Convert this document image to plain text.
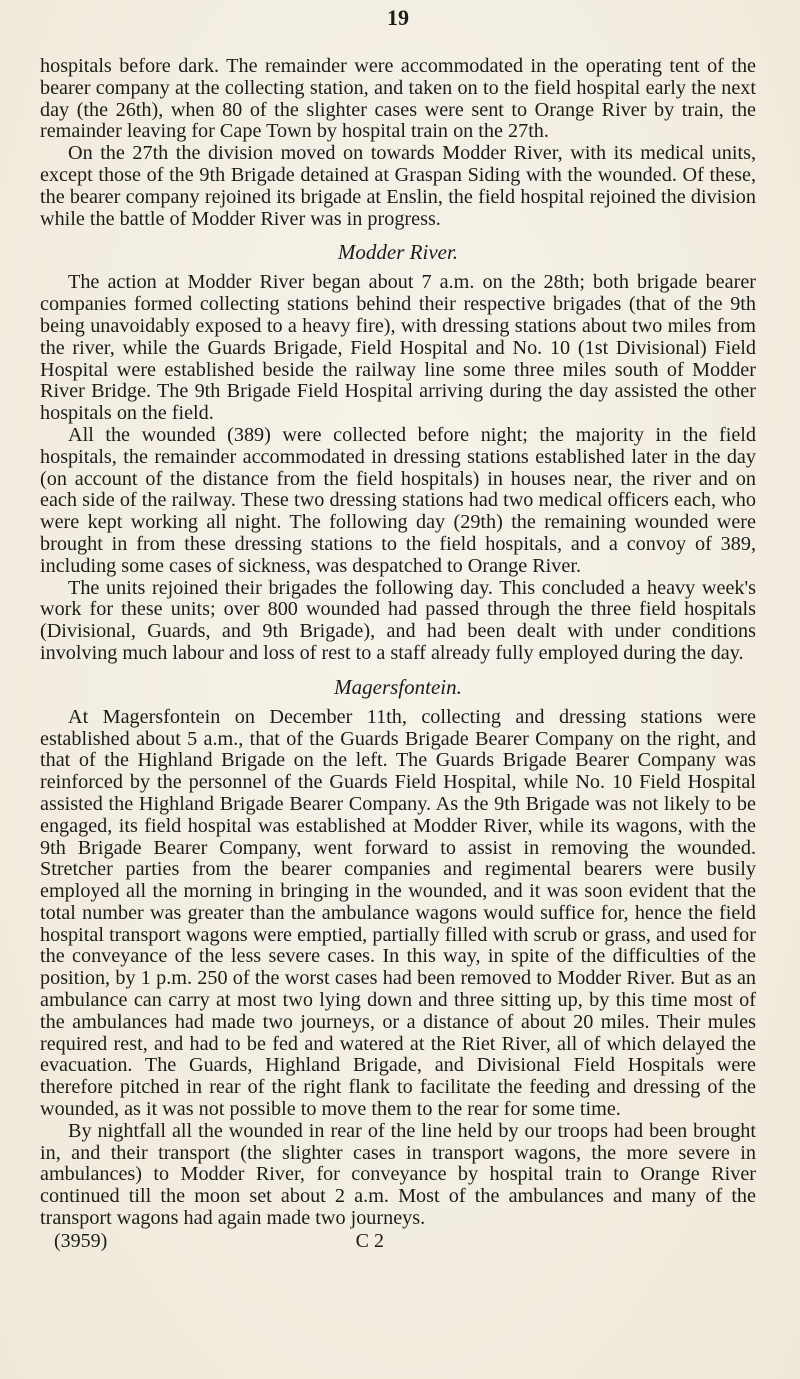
19

hospitals before dark. The remainder were accommodated in the operating tent of the bearer company at the collecting station, and taken on to the field hospital early the next day (the 26th), when 80 of the slighter cases were sent to Orange River by train, the remainder leaving for Cape Town by hospital train on the 27th.

On the 27th the division moved on towards Modder River, with its medical units, except those of the 9th Brigade detained at Graspan Siding with the wounded. Of these, the bearer company rejoined its brigade at Enslin, the field hospital rejoined the division while the battle of Modder River was in progress.

Modder River.

The action at Modder River began about 7 a.m. on the 28th; both brigade bearer companies formed collecting stations behind their respective brigades (that of the 9th being unavoidably exposed to a heavy fire), with dressing stations about two miles from the river, while the Guards Brigade, Field Hospital and No. 10 (1st Divisional) Field Hospital were established beside the railway line some three miles south of Modder River Bridge. The 9th Brigade Field Hospital arriving during the day assisted the other hospitals on the field.

All the wounded (389) were collected before night; the majority in the field hospitals, the remainder accommodated in dressing stations established later in the day (on account of the distance from the field hospitals) in houses near, the river and on each side of the railway. These two dressing stations had two medical officers each, who were kept working all night. The following day (29th) the remaining wounded were brought in from these dressing stations to the field hospitals, and a convoy of 389, including some cases of sickness, was despatched to Orange River.

The units rejoined their brigades the following day. This concluded a heavy week's work for these units; over 800 wounded had passed through the three field hospitals (Divisional, Guards, and 9th Brigade), and had been dealt with under conditions involving much labour and loss of rest to a staff already fully employed during the day.

Magersfontein.

At Magersfontein on December 11th, collecting and dressing stations were established about 5 a.m., that of the Guards Brigade Bearer Company on the right, and that of the Highland Brigade on the left. The Guards Brigade Bearer Company was reinforced by the personnel of the Guards Field Hospital, while No. 10 Field Hospital assisted the Highland Brigade Bearer Company. As the 9th Brigade was not likely to be engaged, its field hospital was established at Modder River, while its wagons, with the 9th Brigade Bearer Company, went forward to assist in removing the wounded. Stretcher parties from the bearer companies and regimental bearers were busily employed all the morning in bringing in the wounded, and it was soon evident that the total number was greater than the ambulance wagons would suffice for, hence the field hospital transport wagons were emptied, partially filled with scrub or grass, and used for the conveyance of the less severe cases. In this way, in spite of the difficulties of the position, by 1 p.m. 250 of the worst cases had been removed to Modder River. But as an ambulance can carry at most two lying down and three sitting up, by this time most of the ambulances had made two journeys, or a distance of about 20 miles. Their mules required rest, and had to be fed and watered at the Riet River, all of which delayed the evacuation. The Guards, Highland Brigade, and Divisional Field Hospitals were therefore pitched in rear of the right flank to facilitate the feeding and dressing of the wounded, as it was not possible to move them to the rear for some time.

By nightfall all the wounded in rear of the line held by our troops had been brought in, and their transport (the slighter cases in transport wagons, the more severe in ambulances) to Modder River, for conveyance by hospital train to Orange River continued till the moon set about 2 a.m. Most of the ambulances and many of the transport wagons had again made two journeys.

(3959)	C 2
